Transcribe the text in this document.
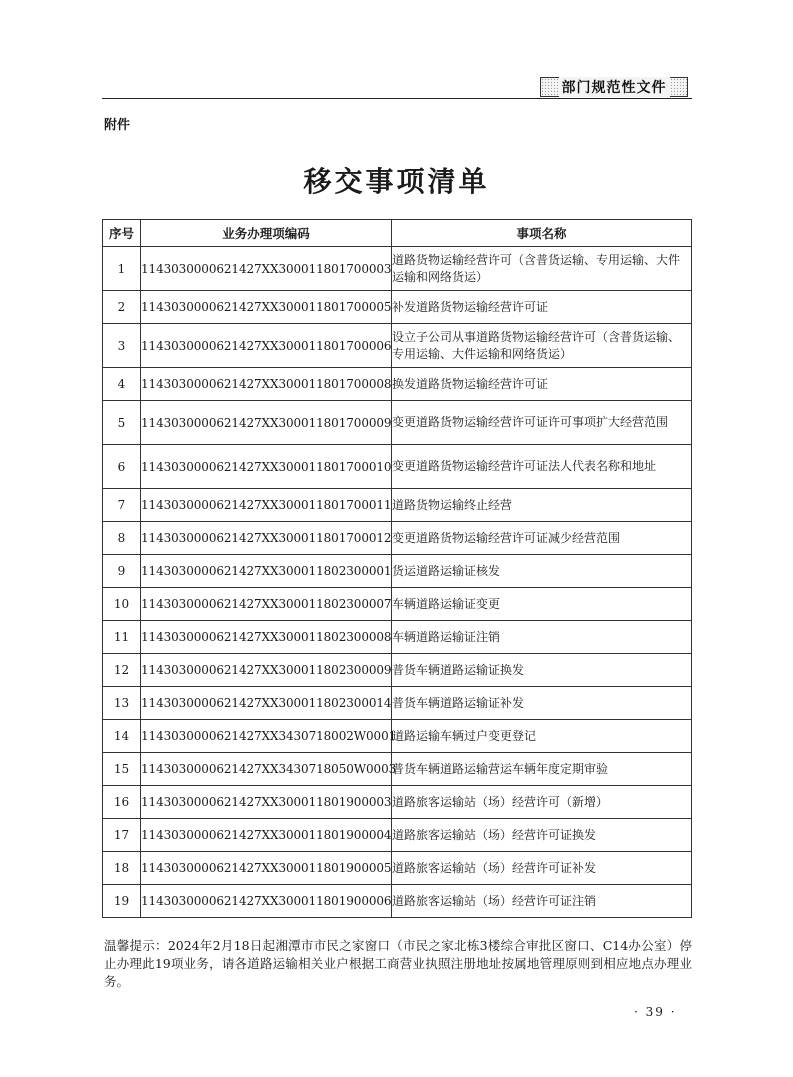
部门规范性文件
附件
移交事项清单
序号	业务办理项编码	事项名称
1	1143030000621427XX300011801700003	道路货物运输经营许可（含普货运输、专用运输、大件运输和网络货运）
2	1143030000621427XX300011801700005	补发道路货物运输经营许可证
3	1143030000621427XX300011801700006	设立子公司从事道路货物运输经营许可（含普货运输、专用运输、大件运输和网络货运）
4	1143030000621427XX300011801700008	换发道路货物运输经营许可证
5	1143030000621427XX300011801700009	变更道路货物运输经营许可证许可事项扩大经营范围
6	1143030000621427XX300011801700010	变更道路货物运输经营许可证法人代表名称和地址
7	1143030000621427XX300011801700011	道路货物运输终止经营
8	1143030000621427XX300011801700012	变更道路货物运输经营许可证减少经营范围
9	1143030000621427XX300011802300001	货运道路运输证核发
10	1143030000621427XX300011802300007	车辆道路运输证变更
11	1143030000621427XX300011802300008	车辆道路运输证注销
12	1143030000621427XX300011802300009	普货车辆道路运输证换发
13	1143030000621427XX300011802300014	普货车辆道路运输证补发
14	1143030000621427XX3430718002W0001	道路运输车辆过户变更登记
15	1143030000621427XX3430718050W0003	普货车辆道路运输营运车辆年度定期审验
16	1143030000621427XX300011801900003	道路旅客运输站（场）经营许可（新增）
17	1143030000621427XX300011801900004	道路旅客运输站（场）经营许可证换发
18	1143030000621427XX300011801900005	道路旅客运输站（场）经营许可证补发
19	1143030000621427XX300011801900006	道路旅客运输站（场）经营许可证注销
温馨提示：2024年2月18日起湘潭市市民之家窗口（市民之家北栋3楼综合审批区窗口、C14办公室）停止办理此19项业务，请各道路运输相关业户根据工商营业执照注册地址按属地管理原则到相应地点办理业务。
· 39 ·
